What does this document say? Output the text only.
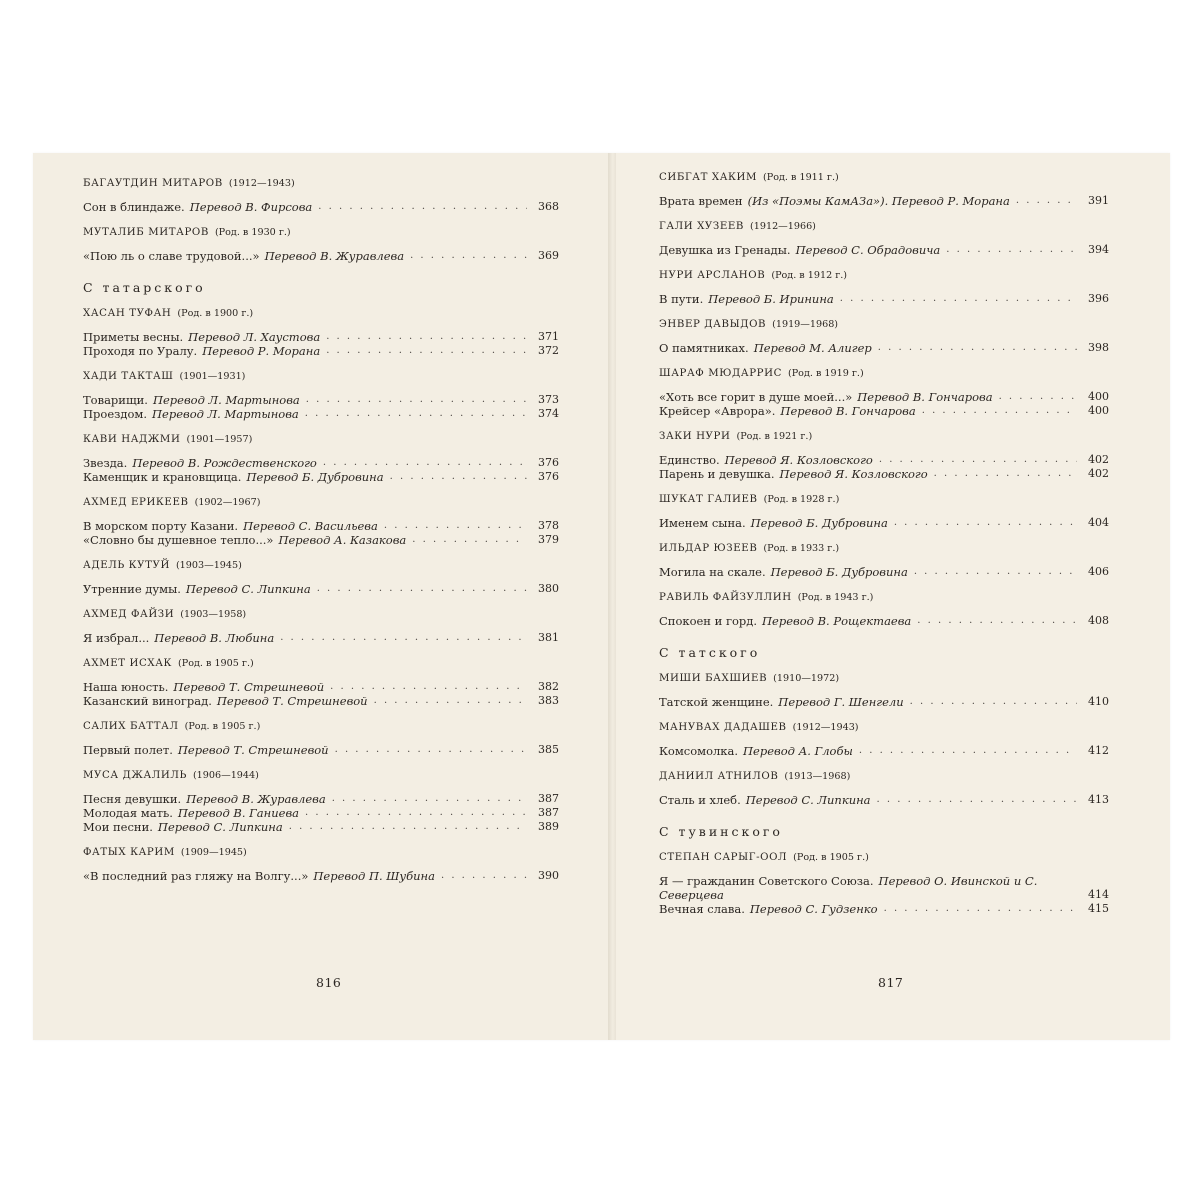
БАГАУТДИН МИТАРОВ (1912—1943)
Сон в блиндаже. Перевод В. Фирсова . . .	368
МУТАЛИБ МИТАРОВ (Род. в 1930 г.)
«Пою ль о славе трудовой...» Перевод В. Журавлева . . .	369
С татарского
ХАСАН ТУФАН (Род. в 1900 г.)
Приметы весны. Перевод Л. Хаустова . . .	371
Проходя по Уралу. Перевод Р. Морана . . .	372
ХАДИ ТАКТАШ (1901—1931)
Товарищи. Перевод Л. Мартынова . . .	373
Проездом. Перевод Л. Мартынова . . .	374
КАВИ НАДЖМИ (1901—1957)
Звезда. Перевод В. Рождественского . . .	376
Каменщик и крановщица. Перевод Б. Дубровина . . .	376
АХМЕД ЕРИКЕЕВ (1902—1967)
В морском порту Казани. Перевод С. Васильева . . .	378
«Словно бы душевное тепло...» Перевод А. Казакова . . .	379
АДЕЛЬ КУТУЙ (1903—1945)
Утренние думы. Перевод С. Липкина . . .	380
АХМЕД ФАЙЗИ (1903—1958)
Я избрал... Перевод В. Любина . . .	381
АХМЕТ ИСХАК (Род. в 1905 г.)
Наша юность. Перевод Т. Стрешневой . . .	382
Казанский виноград. Перевод Т. Стрешневой . . .	383
САЛИХ БАТТАЛ (Род. в 1905 г.)
Первый полет. Перевод Т. Стрешневой . . .	385
МУСА ДЖАЛИЛЬ (1906—1944)
Песня девушки. Перевод В. Журавлева . . .	387
Молодая мать. Перевод В. Ганиева . . .	387
Мои песни. Перевод С. Липкина . . .	389
ФАТЫХ КАРИМ (1909—1945)
«В последний раз гляжу на Волгу...» Перевод П. Шубина . . .	390
816
СИБГАТ ХАКИМ (Род. в 1911 г.)
Врата времен (Из «Поэмы КамАЗа»). Перевод Р. Морана . . .	391
ГАЛИ ХУЗЕЕВ (1912—1966)
Девушка из Гренады. Перевод С. Обрадовича . . .	394
НУРИ АРСЛАНОВ (Род. в 1912 г.)
В пути. Перевод Б. Иринина . . .	396
ЭНВЕР ДАВЫДОВ (1919—1968)
О памятниках. Перевод М. Алигер . . .	398
ШАРАФ МЮДАРРИС (Род. в 1919 г.)
«Хоть все горит в душе моей...» Перевод В. Гончарова . . .	400
Крейсер «Аврора». Перевод В. Гончарова . . .	400
ЗАКИ НУРИ (Род. в 1921 г.)
Единство. Перевод Я. Козловского . . .	402
Парень и девушка. Перевод Я. Козловского . . .	402
ШУКАТ ГАЛИЕВ (Род. в 1928 г.)
Именем сына. Перевод Б. Дубровина . . .	404
ИЛЬДАР ЮЗЕЕВ (Род. в 1933 г.)
Могила на скале. Перевод Б. Дубровина . . .	406
РАВИЛЬ ФАЙЗУЛЛИН (Род. в 1943 г.)
Спокоен и горд. Перевод В. Рощектаева . . .	408
С татского
МИШИ БАХШИЕВ (1910—1972)
Татской женщине. Перевод Г. Шенгели . . .	410
МАНУВАХ ДАДАШЕВ (1912—1943)
Комсомолка. Перевод А. Глобы . . .	412
ДАНИИЛ АТНИЛОВ (1913—1968)
Сталь и хлеб. Перевод С. Липкина . . .	413
С тувинского
СТЕПАН САРЫГ-ООЛ (Род. в 1905 г.)
Я — гражданин Советского Союза. Перевод О. Ивинской и С. Северцева	414
Вечная слава. Перевод С. Гудзенко . . .	415
817
